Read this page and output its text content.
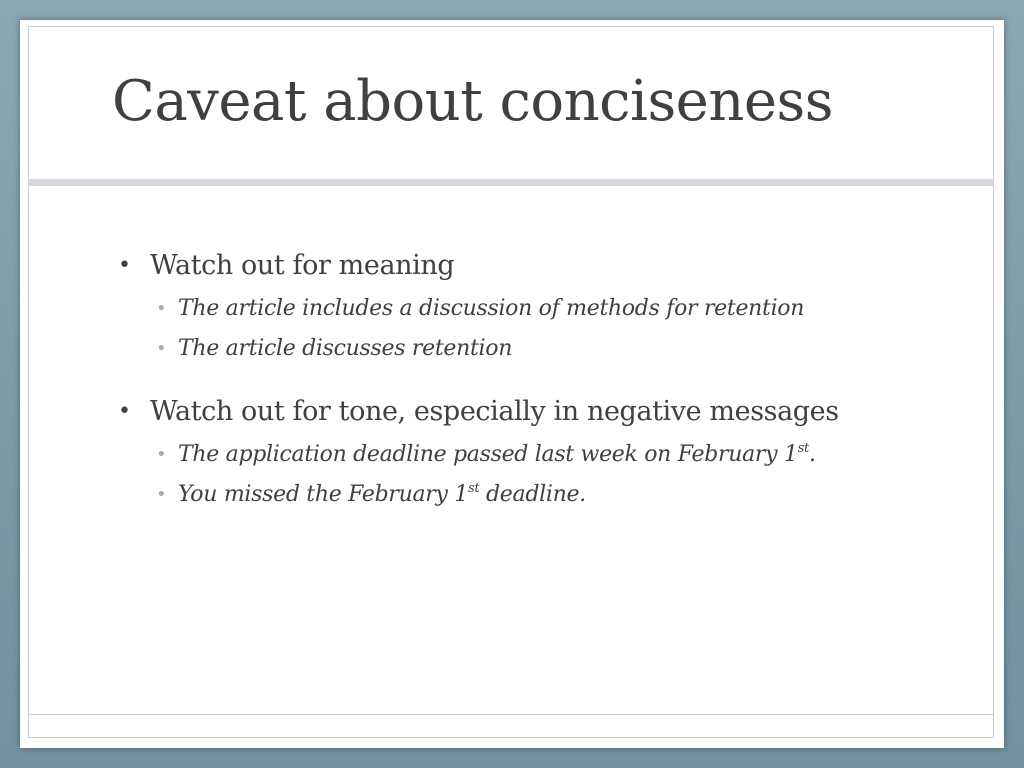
Caveat about conciseness
• Watch out for meaning
• The article includes a discussion of methods for retention
• The article discusses retention
• Watch out for tone, especially in negative messages
• The application deadline passed last week on February 1st.
• You missed the February 1st deadline.
